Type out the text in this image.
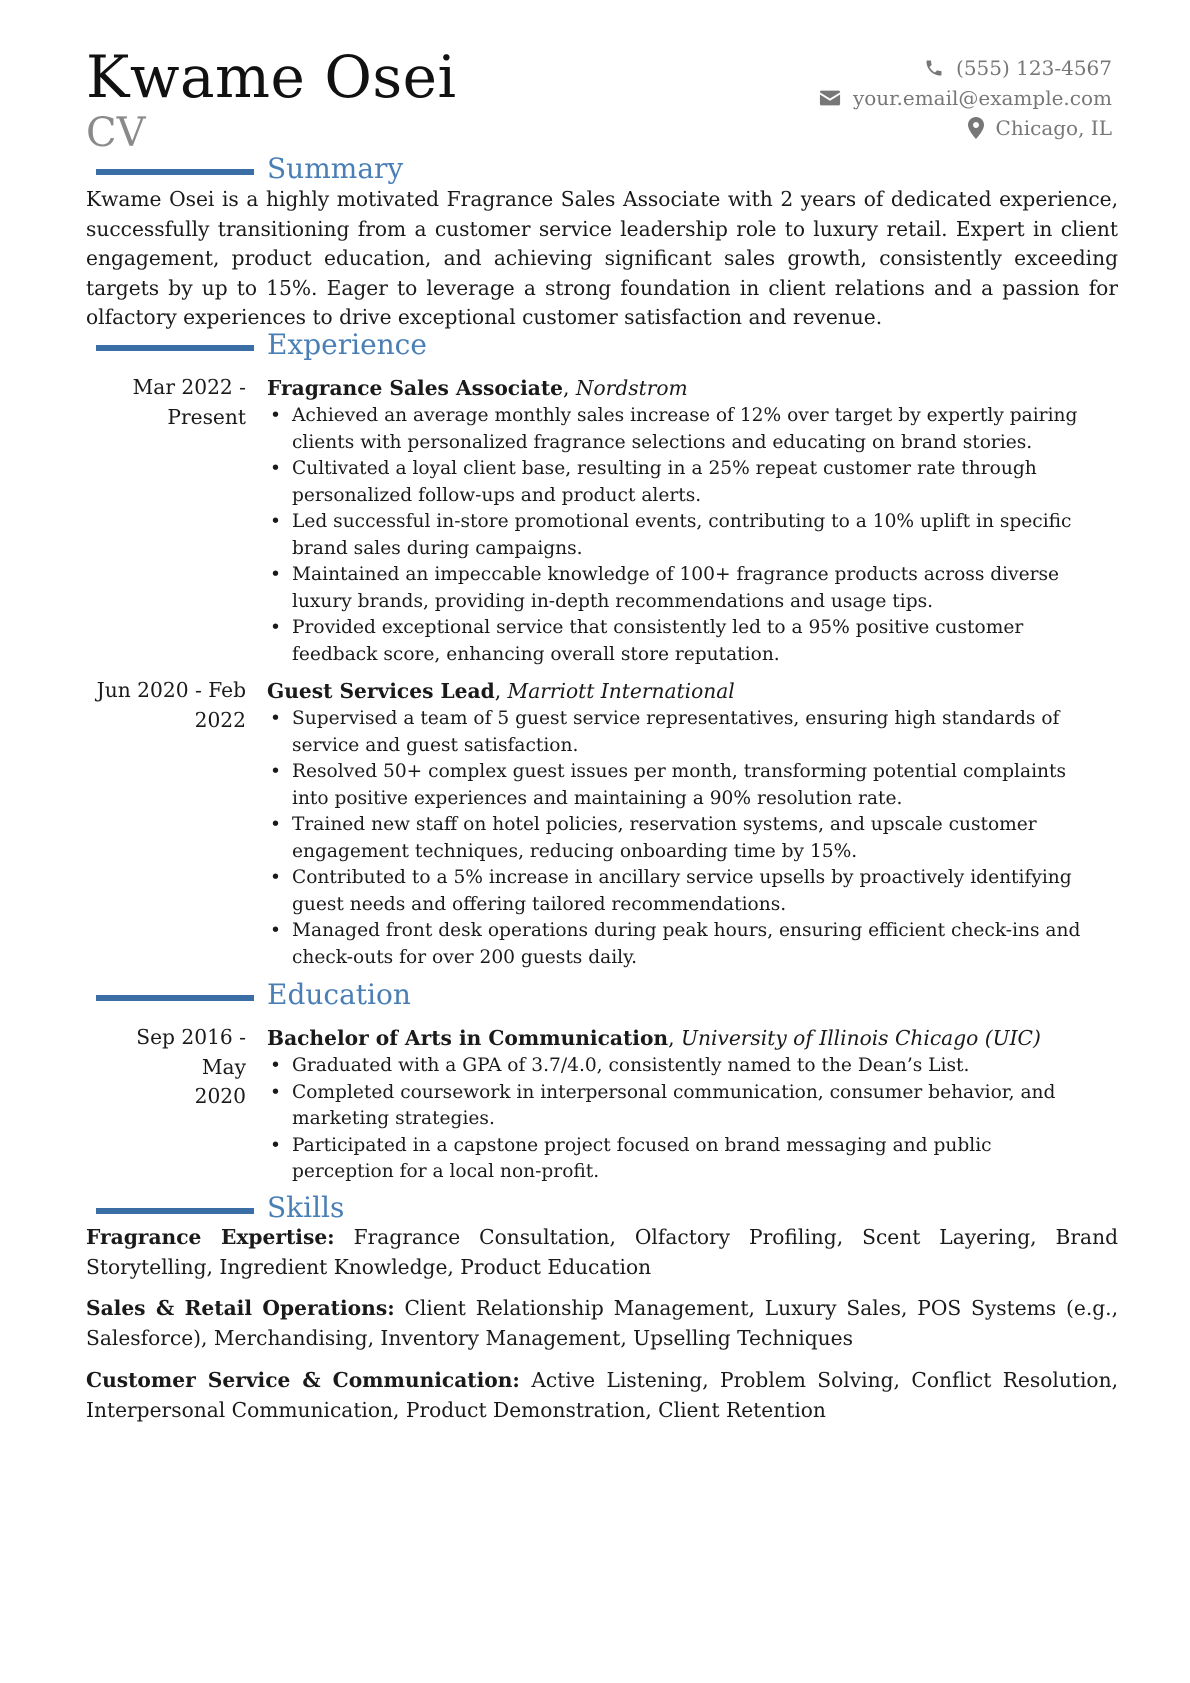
Kwame Osei
CV
(555) 123-4567
your.email@example.com
Chicago, IL
Summary
Kwame Osei is a highly motivated Fragrance Sales Associate with 2 years of dedicated experience, successfully transitioning from a customer service leadership role to luxury retail. Expert in client engagement, product education, and achieving significant sales growth, consistently exceeding targets by up to 15%. Eager to leverage a strong foundation in client relations and a passion for olfactory experiences to drive exceptional customer satisfaction and revenue.
Experience
Mar 2022 -
Present
Fragrance Sales Associate, Nordstrom
• Achieved an average monthly sales increase of 12% over target by expertly pairing clients with personalized fragrance selections and educating on brand stories.
• Cultivated a loyal client base, resulting in a 25% repeat customer rate through personalized follow-ups and product alerts.
• Led successful in-store promotional events, contributing to a 10% uplift in specific brand sales during campaigns.
• Maintained an impeccable knowledge of 100+ fragrance products across diverse luxury brands, providing in-depth recommendations and usage tips.
• Provided exceptional service that consistently led to a 95% positive customer feedback score, enhancing overall store reputation.
Jun 2020 - Feb
2022
Guest Services Lead, Marriott International
• Supervised a team of 5 guest service representatives, ensuring high standards of service and guest satisfaction.
• Resolved 50+ complex guest issues per month, transforming potential complaints into positive experiences and maintaining a 90% resolution rate.
• Trained new staff on hotel policies, reservation systems, and upscale customer engagement techniques, reducing onboarding time by 15%.
• Contributed to a 5% increase in ancillary service upsells by proactively identifying guest needs and offering tailored recommendations.
• Managed front desk operations during peak hours, ensuring efficient check-ins and check-outs for over 200 guests daily.
Education
Sep 2016 - May
2020
Bachelor of Arts in Communication, University of Illinois Chicago (UIC)
• Graduated with a GPA of 3.7/4.0, consistently named to the Dean’s List.
• Completed coursework in interpersonal communication, consumer behavior, and marketing strategies.
• Participated in a capstone project focused on brand messaging and public perception for a local non-profit.
Skills
Fragrance Expertise: Fragrance Consultation, Olfactory Profiling, Scent Layering, Brand Storytelling, Ingredient Knowledge, Product Education
Sales & Retail Operations: Client Relationship Management, Luxury Sales, POS Systems (e.g., Salesforce), Merchandising, Inventory Management, Upselling Techniques
Customer Service & Communication: Active Listening, Problem Solving, Conflict Resolution, Interpersonal Communication, Product Demonstration, Client Retention
